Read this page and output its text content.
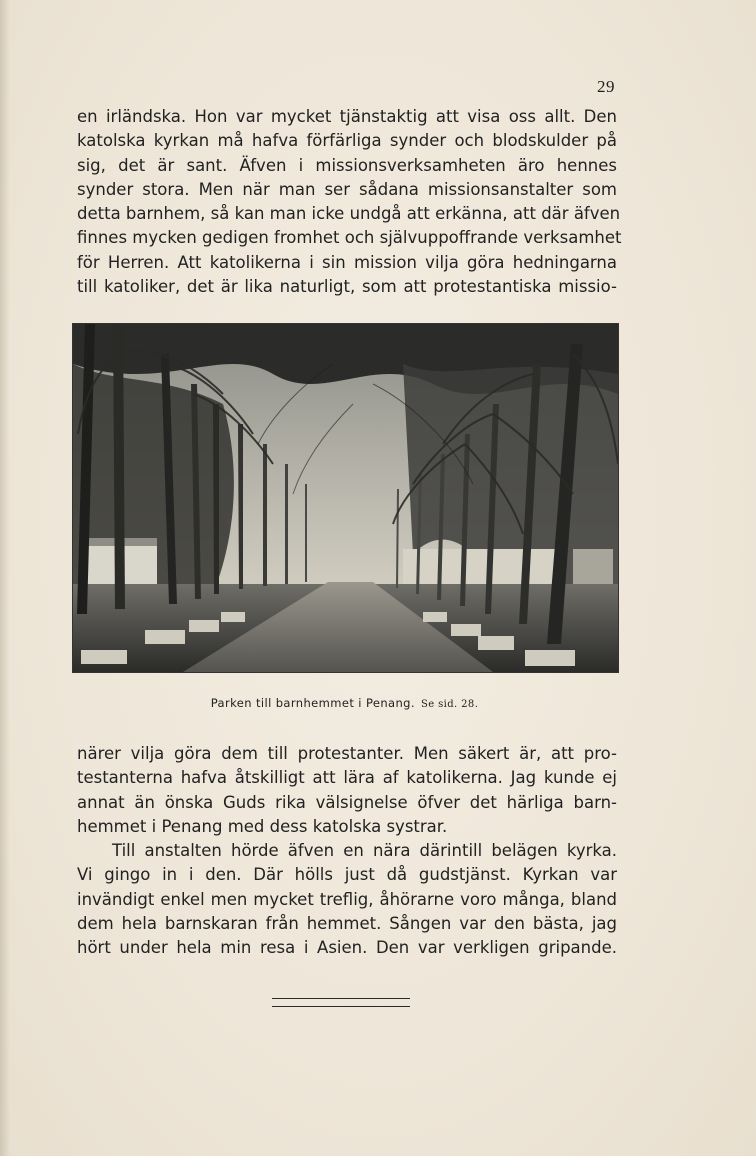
29
en irländska. Hon var mycket tjänstaktig att visa oss allt. Den
katolska kyrkan må hafva förfärliga synder och blodskulder på
sig, det är sant. Äfven i missionsverksamheten äro hennes
synder stora. Men när man ser sådana missionsanstalter som
detta barnhem, så kan man icke undgå att erkänna, att där äfven
finnes mycken gedigen fromhet och självuppoffrande verksamhet
för Herren. Att katolikerna i sin mission vilja göra hedningarna
till katoliker, det är lika naturligt, som att protestantiska missio-
Parken till barnhemmet i Penang. Se sid. 28.
närer vilja göra dem till protestanter. Men säkert är, att pro-
testanterna hafva åtskilligt att lära af katolikerna. Jag kunde ej
annat än önska Guds rika välsignelse öfver det härliga barn-
hemmet i Penang med dess katolska systrar.
Till anstalten hörde äfven en nära därintill belägen kyrka.
Vi gingo in i den. Där hölls just då gudstjänst. Kyrkan var
invändigt enkel men mycket treflig, åhörarne voro många, bland
dem hela barnskaran från hemmet. Sången var den bästa, jag
hört under hela min resa i Asien. Den var verkligen gripande.
